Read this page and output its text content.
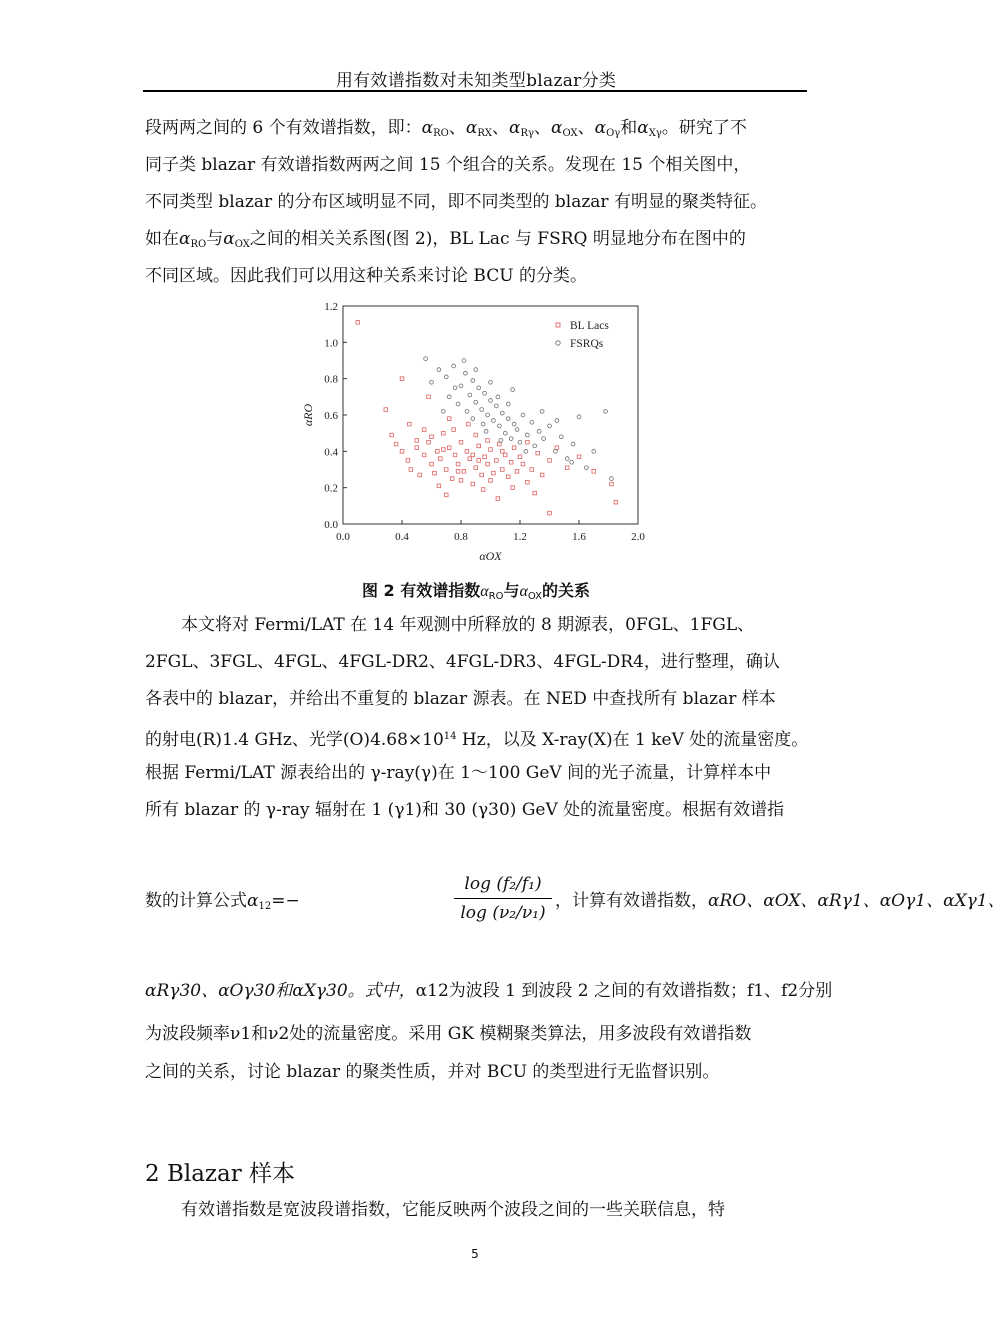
用有效谱指数对未知类型blazar分类
段两两之间的 6 个有效谱指数，即：$\alpha_{RO}$、$\alpha_{RX}$、$\alpha_{R\gamma}$、$\alpha_{OX}$、$\alpha_{O\gamma}$和$\alpha_{X\gamma}$。研究了不
同子类 blazar 有效谱指数两两之间 15 个组合的关系。发现在 15 个相关图中，
不同类型 blazar 的分布区域明显不同，即不同类型的 blazar 有明显的聚类特征。
如在$\alpha_{RO}$与$\alpha_{OX}$之间的相关关系图(图 2)，BL Lac 与 FSRQ 明显地分布在图中的
不同区域。因此我们可以用这种关系来讨论 BCU 的分类。
0.0
0.2
0.4
0.6
0.8
1.0
1.2
0.0	0.4	0.8	1.2	1.6	2.0
BL Lacs
FSRQs
αOX
αRO
图 2 有效谱指数$\alpha_{RO}$与$\alpha_{OX}$的关系
本文将对 Fermi/LAT 在 14 年观测中所释放的 8 期源表，0FGL、1FGL、
2FGL、3FGL、4FGL、4FGL-DR2、4FGL-DR3、4FGL-DR4，进行整理，确认
各表中的 blazar，并给出不重复的 blazar 源表。在 NED 中查找所有 blazar 样本
的射电(R)1.4 GHz、光学$(O)4.68\times 10^{14}$ Hz，以及 X-ray(X)在 1 keV 处的流量密度。
根据 Fermi/LAT 源表给出的 γ-ray(γ)在 1～100 GeV 间的光子流量，计算样本中
所有 blazar 的 γ-ray 辐射在 1 (γ1)和 30 (γ30) GeV 处的流量密度。根据有效谱指
数的计算公式$\alpha_{12}=-$
log (f₂/f₁)
log (ν₂/ν₁)
，计算有效谱指数，αRO、αOX、αRγ1、αOγ1、αXγ1、
αRγ30、αOγ30和αXγ30。式中，α12为波段 1 到波段 2 之间的有效谱指数；f1、f2分别
为波段频率ν1和ν2处的流量密度。采用 GK 模糊聚类算法，用多波段有效谱指数
之间的关系，讨论 blazar 的聚类性质，并对 BCU 的类型进行无监督识别。
2 Blazar 样本
有效谱指数是宽波段谱指数，它能反映两个波段之间的一些关联信息，特
5
